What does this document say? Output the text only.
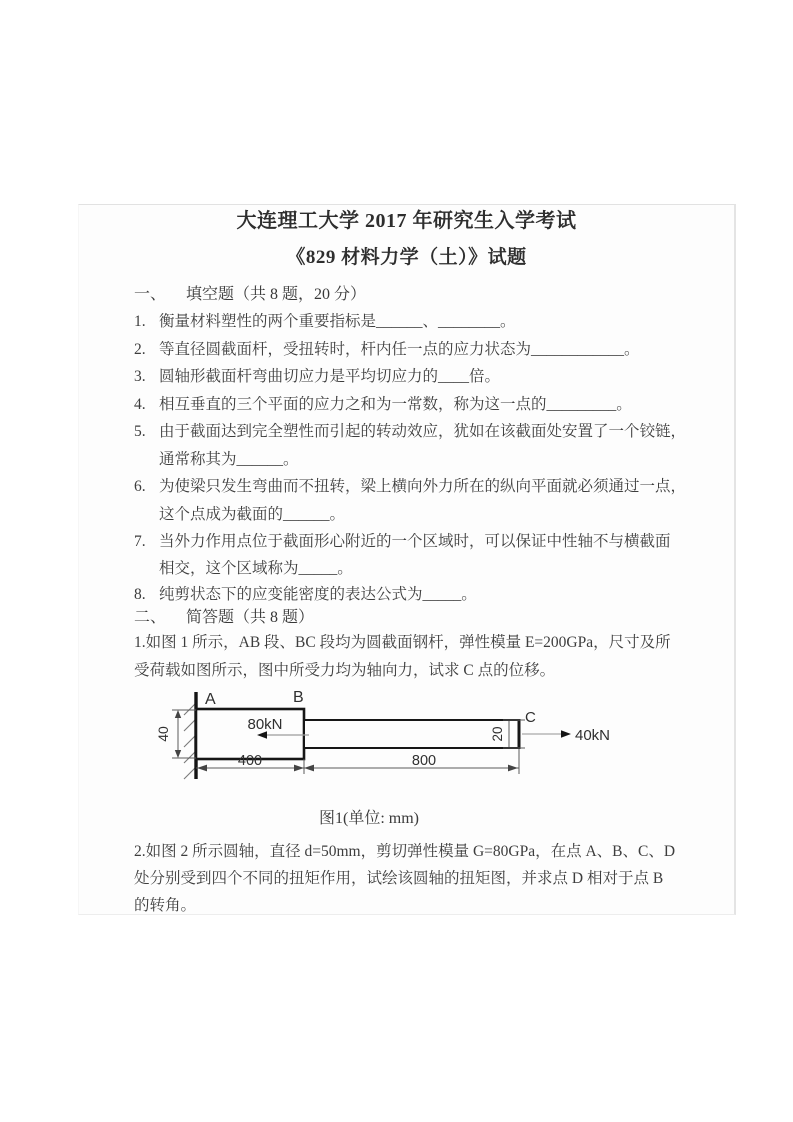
大连理工大学 2017 年研究生入学考试
《829 材料力学（土）》试题
一、 填空题（共 8 题，20 分）
1. 衡量材料塑性的两个重要指标是______、________。
2. 等直径圆截面杆，受扭转时，杆内任一点的应力状态为____________。
3. 圆轴形截面杆弯曲切应力是平均切应力的____倍。
4. 相互垂直的三个平面的应力之和为一常数，称为这一点的_________。
5. 由于截面达到完全塑性而引起的转动效应，犹如在该截面处安置了一个铰链，
通常称其为______。
6. 为使梁只发生弯曲而不扭转，梁上横向外力所在的纵向平面就必须通过一点，
这个点成为截面的______。
7. 当外力作用点位于截面形心附近的一个区域时，可以保证中性轴不与横截面
相交，这个区域称为_____。
8. 纯剪状态下的应变能密度的表达公式为_____。
二、 简答题（共 8 题）
1.如图 1 所示，AB 段、BC 段均为圆截面钢杆，弹性模量 E=200GPa，尺寸及所
受荷载如图所示，图中所受力均为轴向力，试求 C 点的位移。
A	B
C
80kN
40kN
40	20
400	800
图1(单位: mm)
2.如图 2 所示圆轴，直径 d=50mm，剪切弹性模量 G=80GPa，在点 A、B、C、D
处分别受到四个不同的扭矩作用，试绘该圆轴的扭矩图，并求点 D 相对于点 B
的转角。
